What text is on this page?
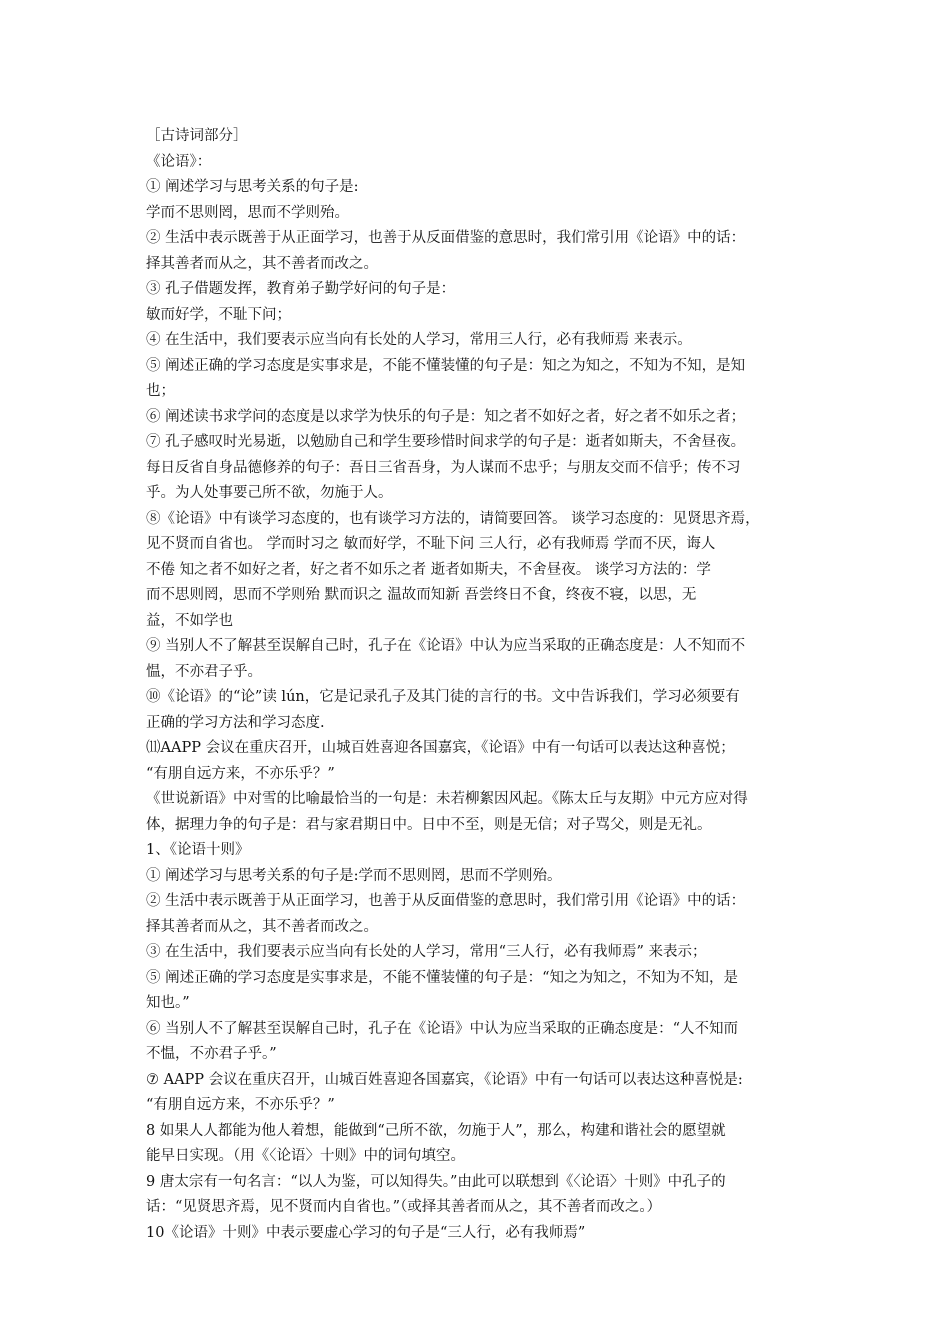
［古诗词部分］
《论语》：
① 阐述学习与思考关系的句子是:
学而不思则罔，思而不学则殆。
② 生活中表示既善于从正面学习，也善于从反面借鉴的意思时，我们常引用《论语》中的话：
择其善者而从之，其不善者而改之。
③ 孔子借题发挥，教育弟子勤学好问的句子是：
敏而好学，不耻下问；
④ 在生活中，我们要表示应当向有长处的人学习，常用三人行，必有我师焉 来表示。
⑤ 阐述正确的学习态度是实事求是，不能不懂装懂的句子是：知之为知之，不知为不知，是知
也；
⑥ 阐述读书求学问的态度是以求学为快乐的句子是：知之者不如好之者，好之者不如乐之者；
⑦ 孔子感叹时光易逝，以勉励自己和学生要珍惜时间求学的句子是：逝者如斯夫，不舍昼夜。
每日反省自身品德修养的句子：吾日三省吾身，为人谋而不忠乎；与朋友交而不信乎；传不习
乎。为人处事要己所不欲，勿施于人。
⑧《论语》中有谈学习态度的，也有谈学习方法的，请简要回答。 谈学习态度的：见贤思齐焉，
见不贤而自省也。 学而时习之 敏而好学，不耻下问 三人行，必有我师焉 学而不厌，诲人
不倦 知之者不如好之者，好之者不如乐之者 逝者如斯夫，不舍昼夜。 谈学习方法的：学
而不思则罔，思而不学则殆 默而识之 温故而知新 吾尝终日不食，终夜不寝，以思，无
益，不如学也
⑨ 当别人不了解甚至误解自己时，孔子在《论语》中认为应当采取的正确态度是：人不知而不
愠，不亦君子乎。
⑩《论语》的“论”读 lún，它是记录孔子及其门徒的言行的书。文中告诉我们，学习必须要有
正确的学习方法和学习态度.
⑾AAPP 会议在重庆召开，山城百姓喜迎各国嘉宾，《论语》中有一句话可以表达这种喜悦；
“有朋自远方来，不亦乐乎？”
《世说新语》中对雪的比喻最恰当的一句是：未若柳絮因风起。《陈太丘与友期》中元方应对得
体，据理力争的句子是：君与家君期日中。日中不至，则是无信；对子骂父，则是无礼。
1、《论语十则》
① 阐述学习与思考关系的句子是:学而不思则罔，思而不学则殆。
② 生活中表示既善于从正面学习，也善于从反面借鉴的意思时，我们常引用《论语》中的话：
择其善者而从之，其不善者而改之。
③ 在生活中，我们要表示应当向有长处的人学习，常用“三人行，必有我师焉” 来表示；
⑤ 阐述正确的学习态度是实事求是，不能不懂装懂的句子是：“知之为知之，不知为不知，是
知也。”
⑥ 当别人不了解甚至误解自己时，孔子在《论语》中认为应当采取的正确态度是：“人不知而
不愠，不亦君子乎。”
⑦ AAPP 会议在重庆召开，山城百姓喜迎各国嘉宾，《论语》中有一句话可以表达这种喜悦是:
“有朋自远方来，不亦乐乎？”
8 如果人人都能为他人着想，能做到“己所不欲，勿施于人”，那么，构建和谐社会的愿望就
能早日实现。（用《〈论语〉十则》中的词句填空。
9 唐太宗有一句名言：“以人为鉴，可以知得失。”由此可以联想到《〈论语〉十则》中孔子的
话：“见贤思齐焉，见不贤而内自省也。”（或择其善者而从之，其不善者而改之。）
10《论语》十则》中表示要虚心学习的句子是“三人行，必有我师焉”
